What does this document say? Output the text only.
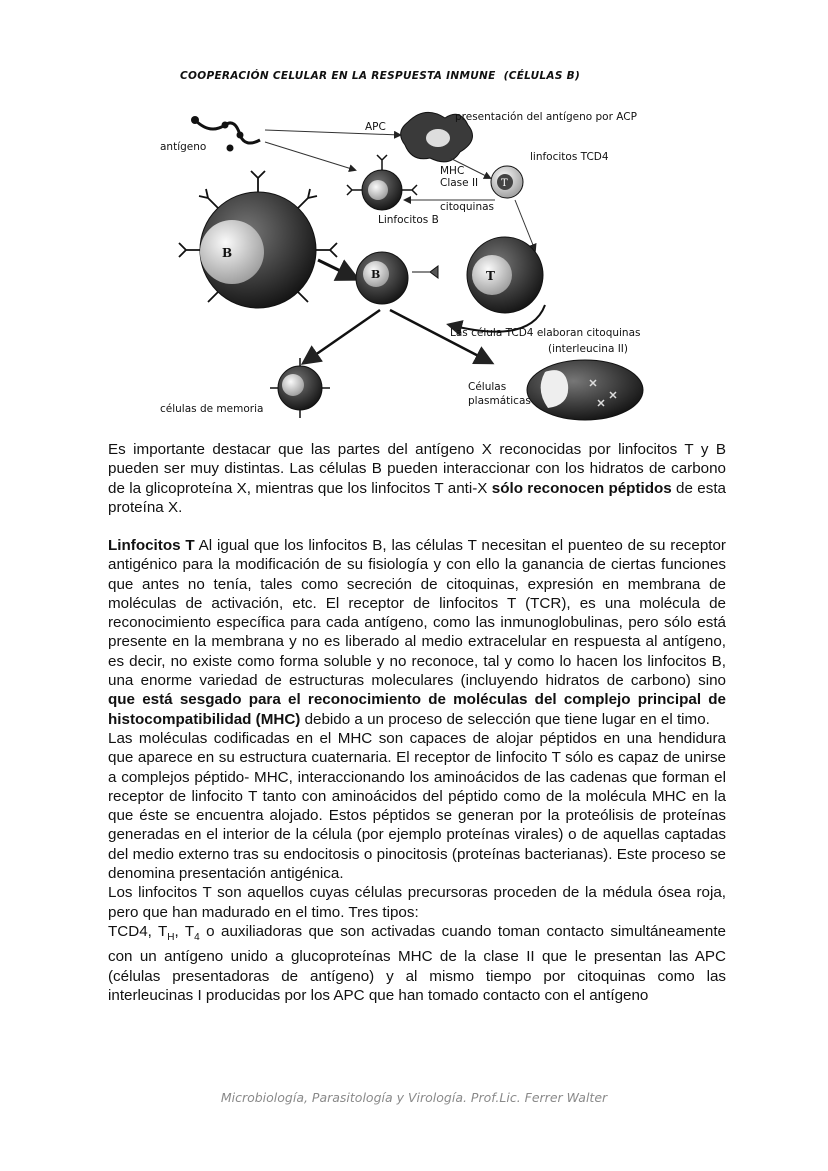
COOPERACIÓN CELULAR EN LA RESPUESTA INMUNE (CÉLULAS B)
antígeno
APC
presentación del antígeno por ACP
Linfocitos B
T
linfocitos TCD4
MHC
Clase II
citoquinas
B
B	T
Las célula TCD4 elaboran citoquinas
(interleucina II)
células de memoria
Células
plasmáticas

Es importante destacar que las partes del antígeno X reconocidas por linfocitos T y B pueden ser muy distintas. Las células B pueden interaccionar con los hidratos de carbono de la glicoproteína X, mientras que los linfocitos T anti-X sólo reconocen péptidos de esta proteína X.

Linfocitos T Al igual que los linfocitos B, las células T necesitan el puenteo de su receptor antigénico para la modificación de su fisiología y con ello la ganancia de ciertas funciones que antes no tenía, tales como secreción de citoquinas, expresión en membrana de moléculas de activación, etc. El receptor de linfocitos T (TCR), es una molécula de reconocimiento específica para cada antígeno, como las inmunoglobulinas, pero sólo está presente en la membrana y no es liberado al medio extracelular en respuesta al antígeno, es decir, no existe como forma soluble y no reconoce, tal y como lo hacen los linfocitos B, una enorme variedad de estructuras moleculares (incluyendo hidratos de carbono) sino que está sesgado para el reconocimiento de moléculas del complejo principal de histocompatibilidad (MHC) debido a un proceso de selección que tiene lugar en el timo.

Las moléculas codificadas en el MHC son capaces de alojar péptidos en una hendidura que aparece en su estructura cuaternaria. El receptor de linfocito T sólo es capaz de unirse a complejos péptido- MHC, interaccionando los aminoácidos de las cadenas que forman el receptor de linfocito T tanto con aminoácidos del péptido como de la molécula MHC en la que éste se encuentra alojado. Estos péptidos se generan por la proteólisis de proteínas generadas en el interior de la célula (por ejemplo proteínas virales) o de aquellas captadas del medio externo tras su endocitosis o pinocitosis (proteínas bacterianas). Este proceso se denomina presentación antigénica.

Los linfocitos T son aquellos cuyas células precursoras proceden de la médula ósea roja, pero que han madurado en el timo. Tres tipos:

TCD4, $T_H$, $T_4$ o auxiliadoras que son activadas cuando toman contacto simultáneamente con un antígeno unido a glucoproteínas MHC de la clase II que le presentan las APC (células presentadoras de antígeno) y al mismo tiempo por citoquinas como las interleucinas I producidas por los APC que han tomado contacto con el antígeno

Microbiología, Parasitología y Virología. Prof.Lic. Ferrer Walter
